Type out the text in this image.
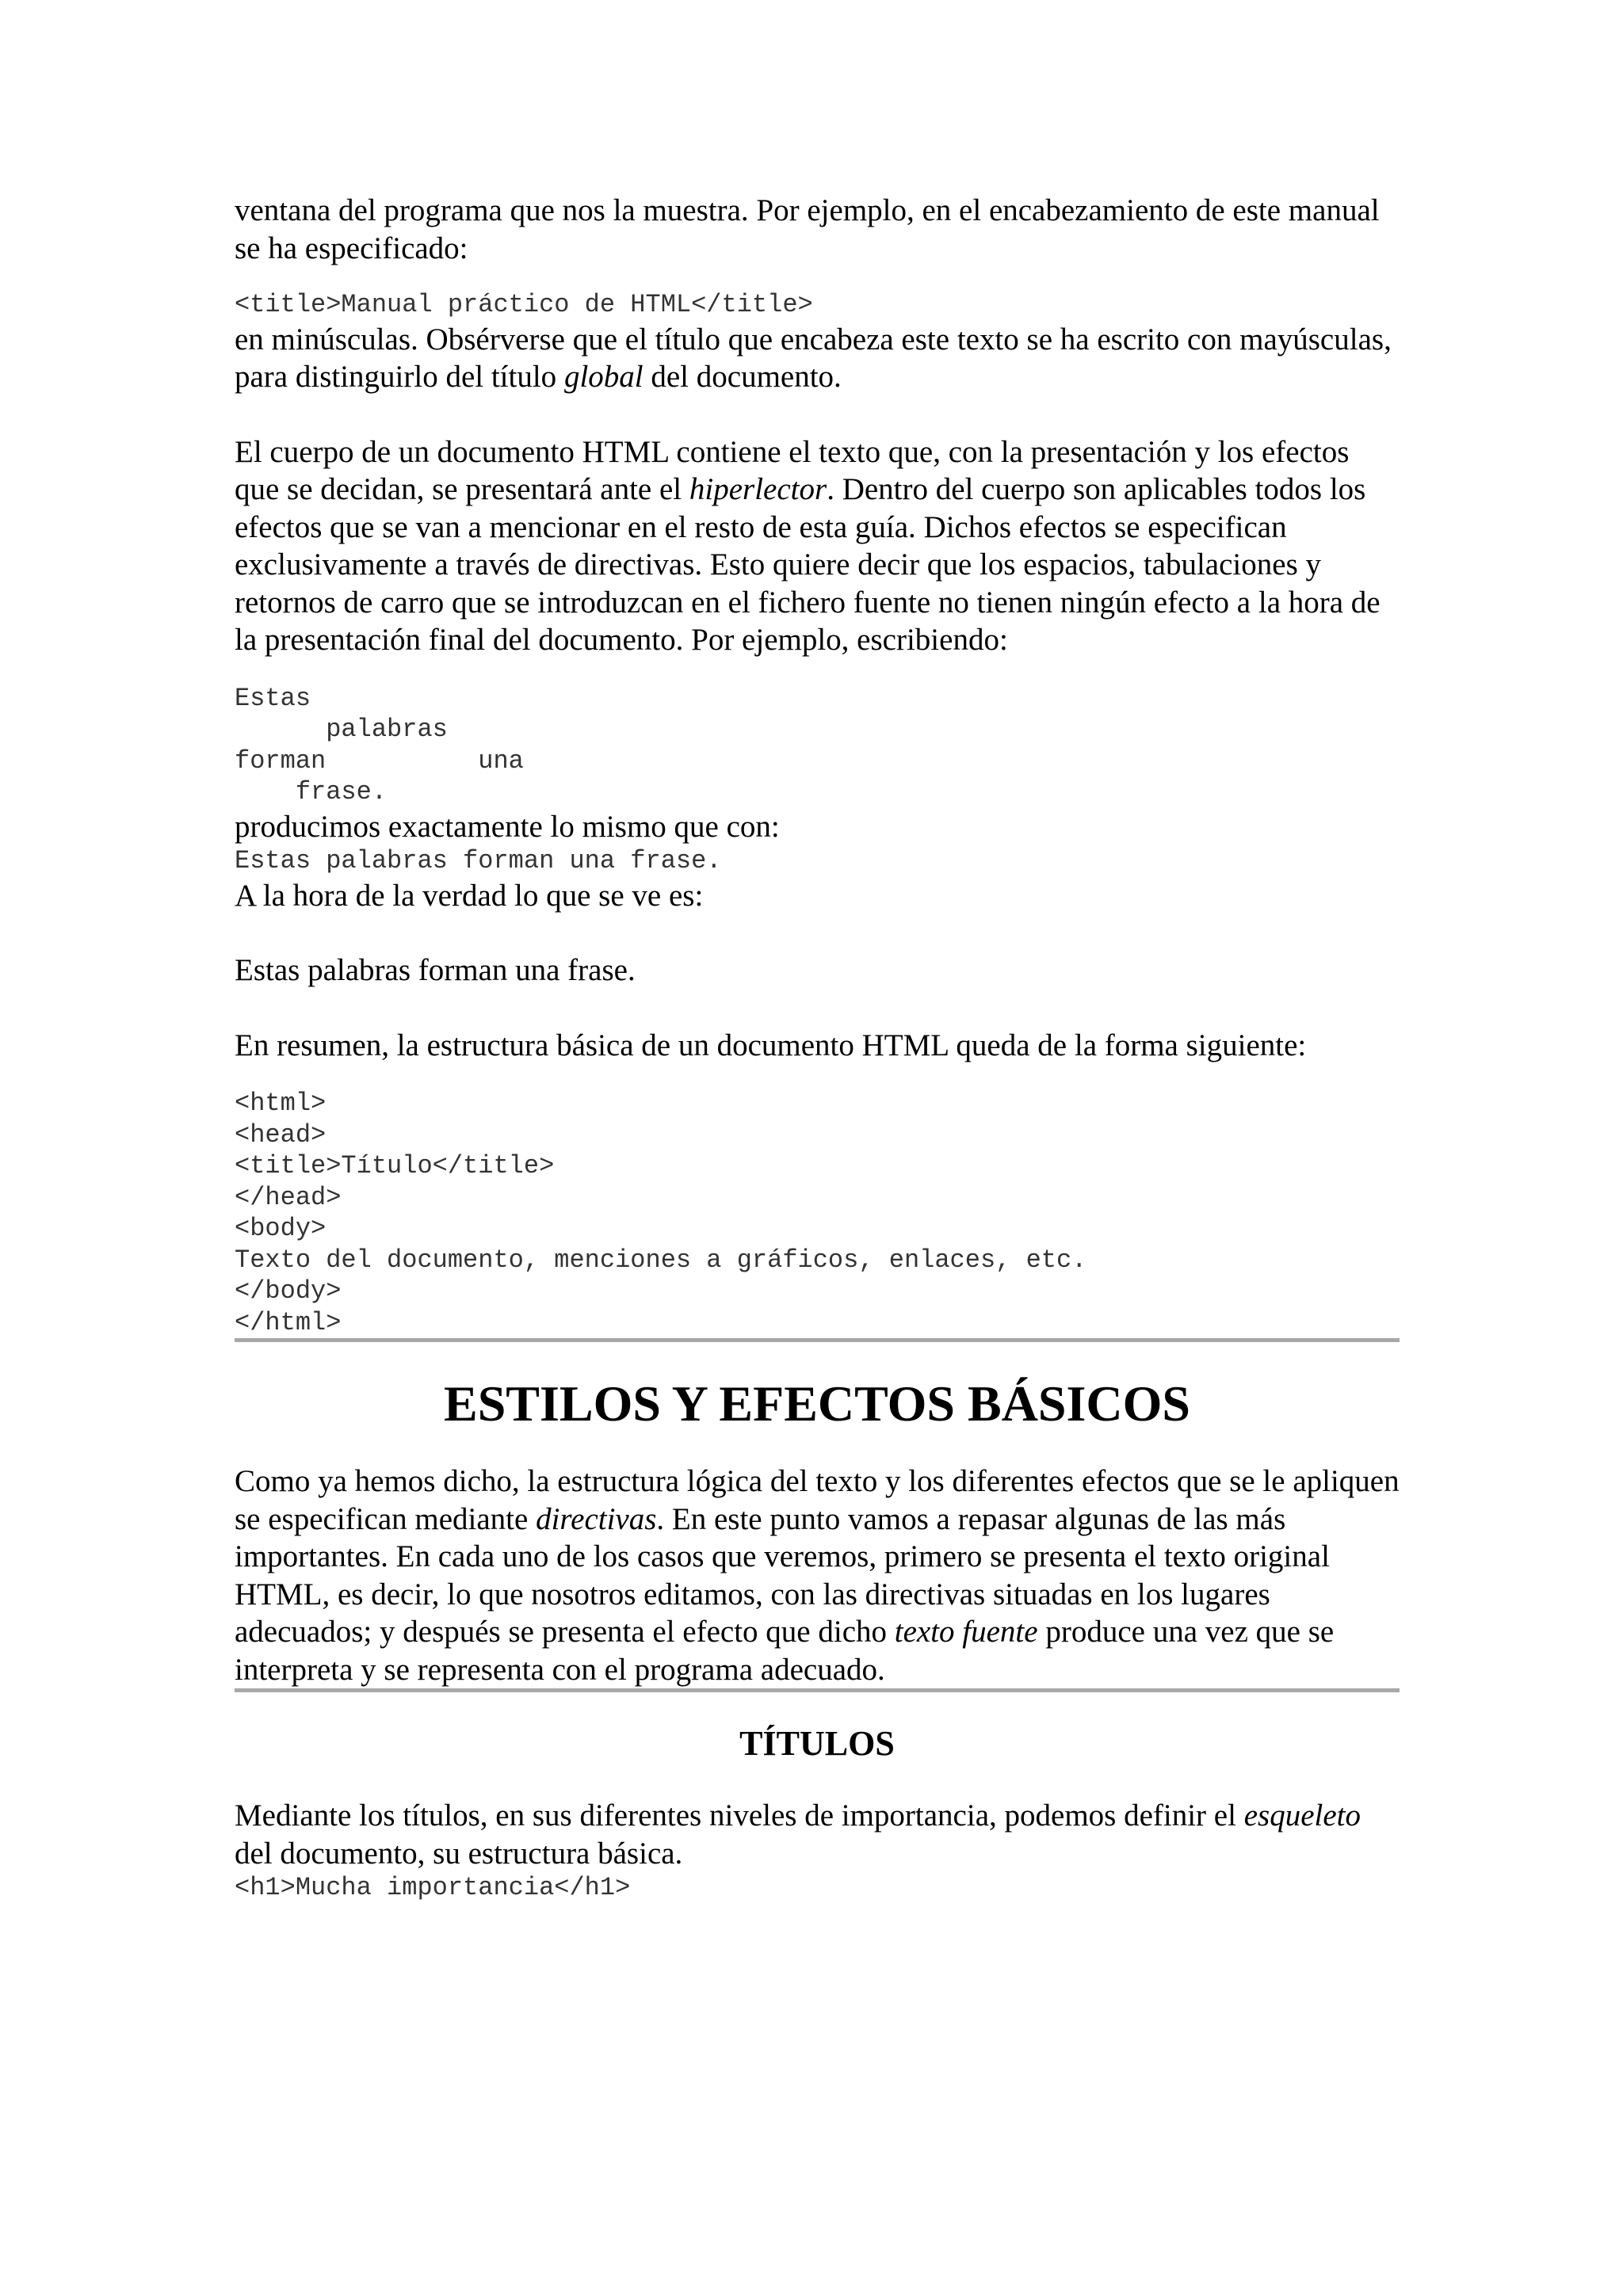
ventana del programa que nos la muestra. Por ejemplo, en el encabezamiento de este manual se ha especificado:

<title>Manual práctico de HTML</title>

en minúsculas. Obsérverse que el título que encabeza este texto se ha escrito con mayúsculas, para distinguirlo del título global del documento.

El cuerpo de un documento HTML contiene el texto que, con la presentación y los efectos que se decidan, se presentará ante el hiperlector. Dentro del cuerpo son aplicables todos los efectos que se van a mencionar en el resto de esta guía. Dichos efectos se especifican exclusivamente a través de directivas. Esto quiere decir que los espacios, tabulaciones y retornos de carro que se introduzcan en el fichero fuente no tienen ningún efecto a la hora de la presentación final del documento. Por ejemplo, escribiendo:

Estas
palabras
forman          una
frase.

producimos exactamente lo mismo que con:

Estas palabras forman una frase.

A la hora de la verdad lo que se ve es:

Estas palabras forman una frase.

En resumen, la estructura básica de un documento HTML queda de la forma siguiente:

<html>
<head>
<title>Título</title>
</head>
<body>
Texto del documento, menciones a gráficos, enlaces, etc.
</body>
</html>
ESTILOS Y EFECTOS BÁSICOS

Como ya hemos dicho, la estructura lógica del texto y los diferentes efectos que se le apliquen se especifican mediante directivas. En este punto vamos a repasar algunas de las más importantes. En cada uno de los casos que veremos, primero se presenta el texto original HTML, es decir, lo que nosotros editamos, con las directivas situadas en los lugares adecuados; y después se presenta el efecto que dicho texto fuente produce una vez que se interpreta y se representa con el programa adecuado.

TÍTULOS

Mediante los títulos, en sus diferentes niveles de importancia, podemos definir el esqueleto del documento, su estructura básica.

<h1>Mucha importancia</h1>
